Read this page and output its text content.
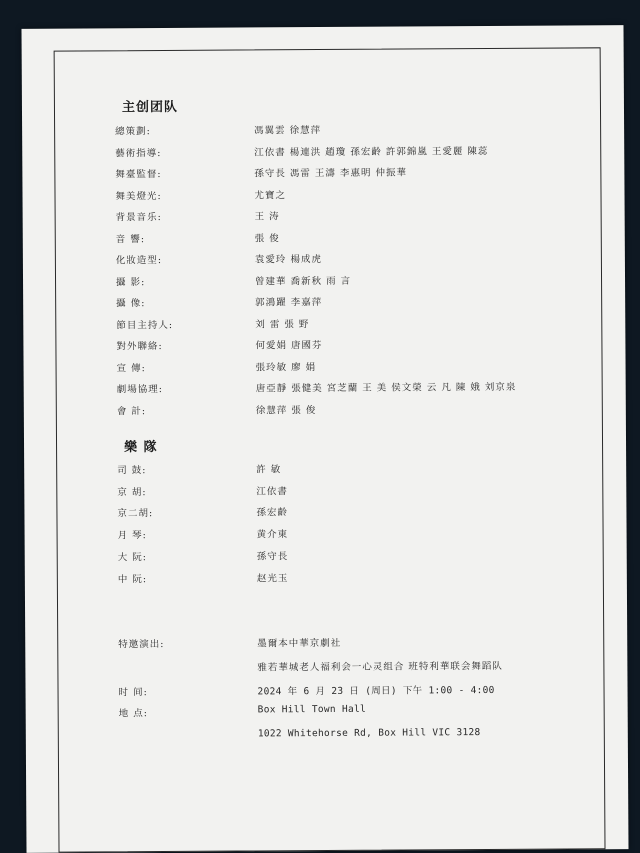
主创团队
總策劃:	馮翼雲 徐慧萍
藝術指導:	江依書 楊連洪 趙瓊 孫宏齡 許郭錦嵐 王愛麗 陳蕊
舞臺監督:	孫守長 馮雷 王濤 李惠明 仲振華
舞美燈光:	尤寶之
背景音乐:	王 涛
音 響:	張 俊
化妝造型:	袁愛玲 楊成虎
攝 影:	曾建華 喬新秋 雨 言
攝 像:	郭鴻躍 李嘉萍
節目主持人:	刘 雷 張 野
對外聯絡:	何愛娟 唐國芬
宣 傳:	張玲敏 廖 娟
劇場協理:	唐亞靜 張健美 宮芝蘭 王 美 侯文榮 云 凡 陳 娥 刘京泉
會 計:	徐慧萍 張 俊
樂 隊
司 鼓:	許 敏
京 胡:	江依書
京二胡:	孫宏齡
月 琴:	黄介東
大 阮:	孫守長
中 阮:	赵光玉
特邀演出:	墨爾本中華京劇社
雅若華城老人福利会一心灵组合 班特利華联会舞蹈队
时 间:	2024 年 6 月 23 日 (周日) 下午 1:00 - 4:00
地 点:	Box Hill Town Hall
1022 Whitehorse Rd, Box Hill VIC 3128
